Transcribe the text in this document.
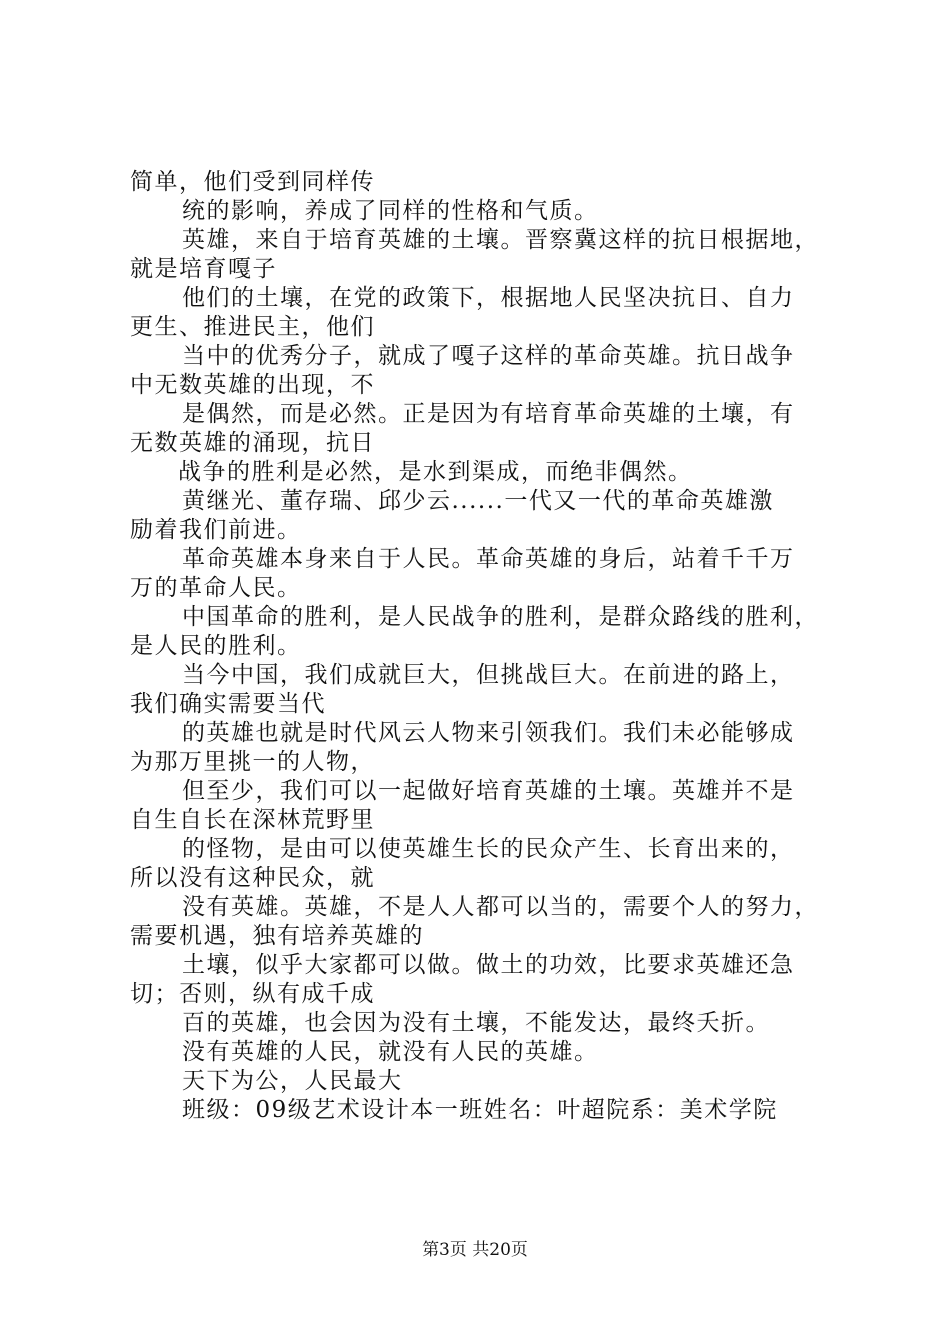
简单，他们受到同样传
统的影响，养成了同样的性格和气质。
英雄，来自于培育英雄的土壤。晋察冀这样的抗日根据地，
就是培育嘎子
他们的土壤，在党的政策下，根据地人民坚决抗日、自力
更生、推进民主，他们
当中的优秀分子，就成了嘎子这样的革命英雄。抗日战争
中无数英雄的出现，不
是偶然，而是必然。正是因为有培育革命英雄的土壤，有
无数英雄的涌现，抗日
战争的胜利是必然，是水到渠成，而绝非偶然。
黄继光、董存瑞、邱少云......一代又一代的革命英雄激
励着我们前进。
革命英雄本身来自于人民。革命英雄的身后，站着千千万
万的革命人民。
中国革命的胜利，是人民战争的胜利，是群众路线的胜利，
是人民的胜利。
当今中国，我们成就巨大，但挑战巨大。在前进的路上，
我们确实需要当代
的英雄也就是时代风云人物来引领我们。我们未必能够成
为那万里挑一的人物，
但至少，我们可以一起做好培育英雄的土壤。英雄并不是
自生自长在深林荒野里
的怪物，是由可以使英雄生长的民众产生、长育出来的，
所以没有这种民众，就
没有英雄。英雄，不是人人都可以当的，需要个人的努力，
需要机遇，独有培养英雄的
土壤，似乎大家都可以做。做土的功效，比要求英雄还急
切；否则，纵有成千成
百的英雄，也会因为没有土壤，不能发达，最终夭折。
没有英雄的人民，就没有人民的英雄。
天下为公，人民最大
班级：09级艺术设计本一班姓名：叶超院系：美术学院
第3页 共20页
